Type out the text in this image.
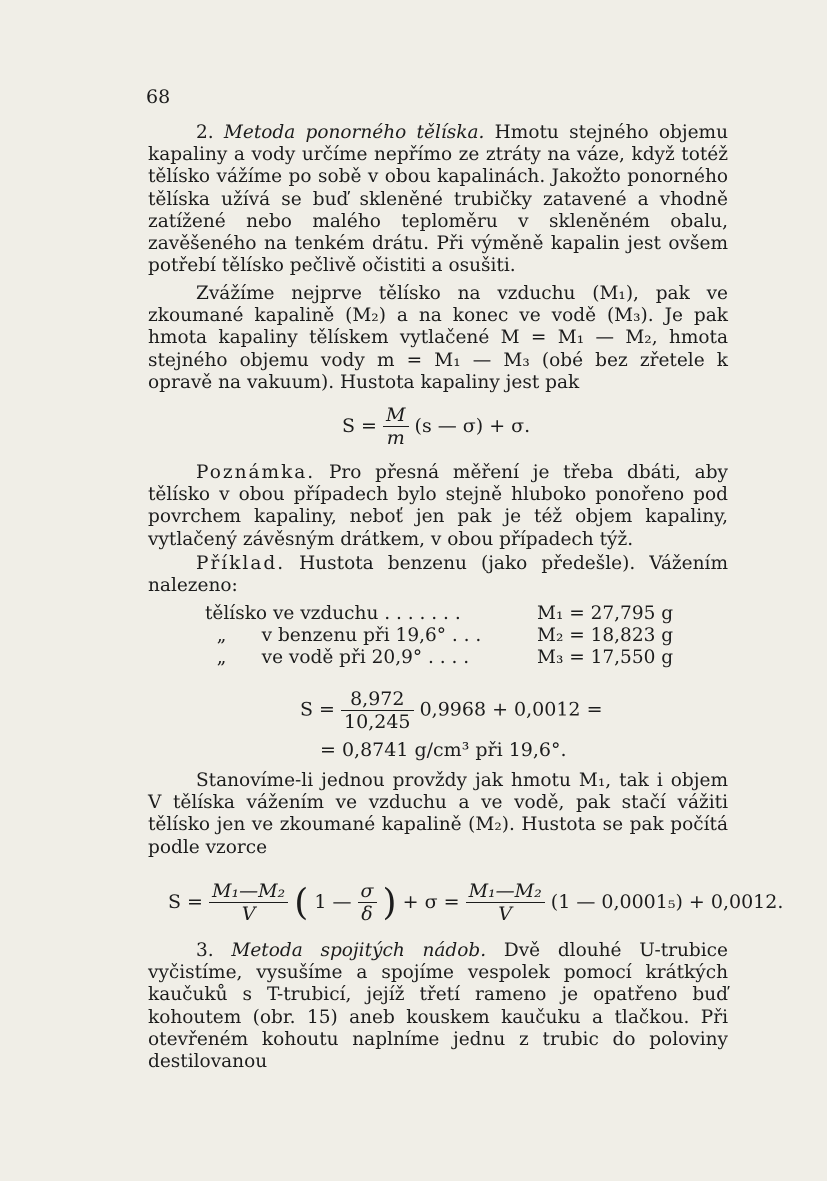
68
2. Metoda ponorného tělíska. Hmotu stejného objemu kapaliny a vody určíme nepřímo ze ztráty na váze, když totéž tělísko vážíme po sobě v obou kapalinách. Jakožto ponorného tělíska užívá se buď skleněné trubičky zatavené a vhodně zatížené nebo malého teploměru v skleněném obalu, zavěšeného na tenkém drátu. Při výměně kapalin jest ovšem potřebí tělísko pečlivě očistiti a osušiti.
Zvážíme nejprve tělísko na vzduchu (M₁), pak ve zkoumané kapalině (M₂) a na konec ve vodě (M₃). Je pak hmota kapaliny tělískem vytlačené M = M₁ — M₂, hmota stejného objemu vody m = M₁ — M₃ (obé bez zřetele k opravě na vakuum). Hustota kapaliny jest pak
$S = \frac{M}{m} (s$ — σ) + σ.
Poznámka. Pro přesná měření je třeba dbáti, aby tělísko v obou případech bylo stejně hluboko ponořeno pod povrchem kapaliny, neboť jen pak je též objem kapaliny, vytlačený závěsným drátkem, v obou případech týž.
Příklad. Hustota benzenu (jako předešle). Vážením nalezeno:
tělísko ve vzduchu . . . . . . .	M₁ = 27,795 g
„      v benzenu při 19,6° . . .	M₂ = 18,823 g
„      ve vodě při 20,9° . . . .	M₃ = 17,550 g
$S = \frac{8,972}{10,245} 0,9968 + 0,0012$ =
= 0,8741 g/cm³ při 19,6°.
Stanovíme-li jednou provždy jak hmotu M₁, tak i objem V tělíska vážením ve vzduchu a ve vodě, pak stačí vážiti tělísko jen ve zkoumané kapalině (M₂). Hustota se pak počítá podle vzorce
$S = \frac{\text{M₁—M₂}}{V}$ ( 1 — $\frac{\sigma}{\delta}$ ) + $\sigma = \frac{\text{M₁—M₂}}{V} (1$ — 0,0001₅) + 0,0012.
3. Metoda spojitých nádob. Dvě dlouhé U-trubice vyčistíme, vysušíme a spojíme vespolek pomocí krátkých kaučuků s T-trubicí, jejíž třetí rameno je opatřeno buď kohoutem (obr. 15) aneb kouskem kaučuku a tlačkou. Při otevřeném kohoutu naplníme jednu z trubic do poloviny destilovanou
